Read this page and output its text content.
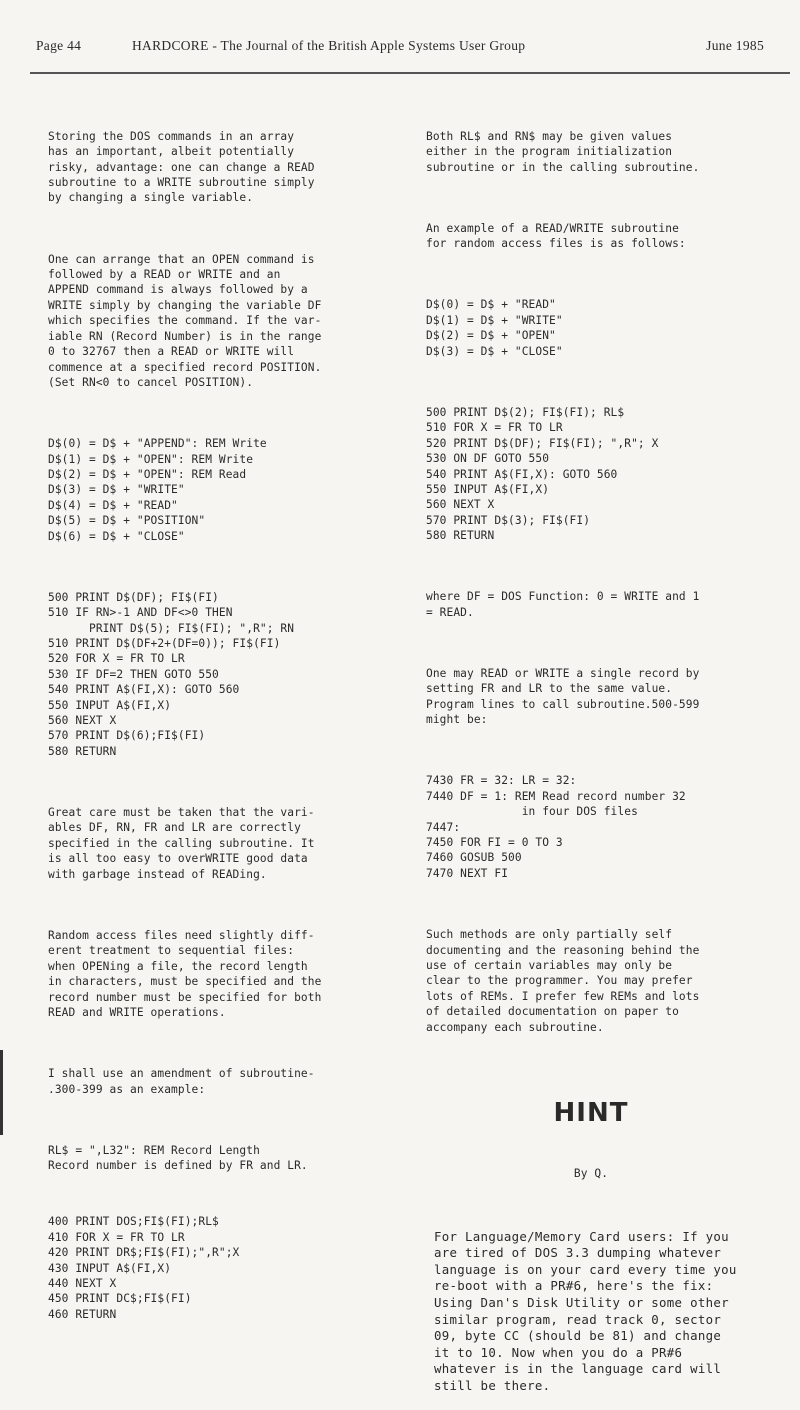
Page 44	HARDCORE - The Journal of the British Apple Systems User Group	June 1985

Storing the DOS commands in an array
has an important, albeit potentially
risky, advantage: one can change a READ
subroutine to a WRITE subroutine simply
by changing a single variable.

One can arrange that an OPEN command is
followed by a READ or WRITE and an
APPEND command is always followed by a
WRITE simply by changing the variable DF
which specifies the command. If the var-
iable RN (Record Number) is in the range
0 to 32767 then a READ or WRITE will
commence at a specified record POSITION.
(Set RN<0 to cancel POSITION).

D$(0) = D$ + "APPEND": REM Write
D$(1) = D$ + "OPEN": REM Write
D$(2) = D$ + "OPEN": REM Read
D$(3) = D$ + "WRITE"
D$(4) = D$ + "READ"
D$(5) = D$ + "POSITION"
D$(6) = D$ + "CLOSE"

500 PRINT D$(DF); FI$(FI)
510 IF RN>-1 AND DF<>0 THEN
PRINT D$(5); FI$(FI); ",R"; RN
510 PRINT D$(DF+2+(DF=0)); FI$(FI)
520 FOR X = FR TO LR
530 IF DF=2 THEN GOTO 550
540 PRINT A$(FI,X): GOTO 560
550 INPUT A$(FI,X)
560 NEXT X
570 PRINT D$(6);FI$(FI)
580 RETURN

Great care must be taken that the vari-
ables DF, RN, FR and LR are correctly
specified in the calling subroutine. It
is all too easy to overWRITE good data
with garbage instead of READing.

Random access files need slightly diff-
erent treatment to sequential files:
when OPENing a file, the record length
in characters, must be specified and the
record number must be specified for both
READ and WRITE operations.

I shall use an amendment of subroutine-
.300-399 as an example:

RL$ = ",L32": REM Record Length
Record number is defined by FR and LR.

400 PRINT DOS;FI$(FI);RL$
410 FOR X = FR TO LR
420 PRINT DR$;FI$(FI);",R";X
430 INPUT A$(FI,X)
440 NEXT X
450 PRINT DC$;FI$(FI)
460 RETURN

Both RL$ and RN$ may be given values
either in the program initialization
subroutine or in the calling subroutine.

An example of a READ/WRITE subroutine
for random access files is as follows:

D$(0) = D$ + "READ"
D$(1) = D$ + "WRITE"
D$(2) = D$ + "OPEN"
D$(3) = D$ + "CLOSE"

500 PRINT D$(2); FI$(FI); RL$
510 FOR X = FR TO LR
520 PRINT D$(DF); FI$(FI); ",R"; X
530 ON DF GOTO 550
540 PRINT A$(FI,X): GOTO 560
550 INPUT A$(FI,X)
560 NEXT X
570 PRINT D$(3); FI$(FI)
580 RETURN

where DF = DOS Function: 0 = WRITE and 1
= READ.

One may READ or WRITE a single record by
setting FR and LR to the same value.
Program lines to call subroutine.500-599
might be:

7430 FR = 32: LR = 32:
7440 DF = 1: REM Read record number 32
in four DOS files
7447:
7450 FOR FI = 0 TO 3
7460 GOSUB 500
7470 NEXT FI

Such methods are only partially self
documenting and the reasoning behind the
use of certain variables may only be
clear to the programmer. You may prefer
lots of REMs. I prefer few REMs and lots
of detailed documentation on paper to
accompany each subroutine.

HINT

By Q.

For Language/Memory Card users: If you
are tired of DOS 3.3 dumping whatever
language is on your card every time you
re-boot with a PR#6, here's the fix:
Using Dan's Disk Utility or some other
similar program, read track 0, sector
09, byte CC (should be 81) and change
it to 10. Now when you do a PR#6
whatever is in the language card will
still be there.
